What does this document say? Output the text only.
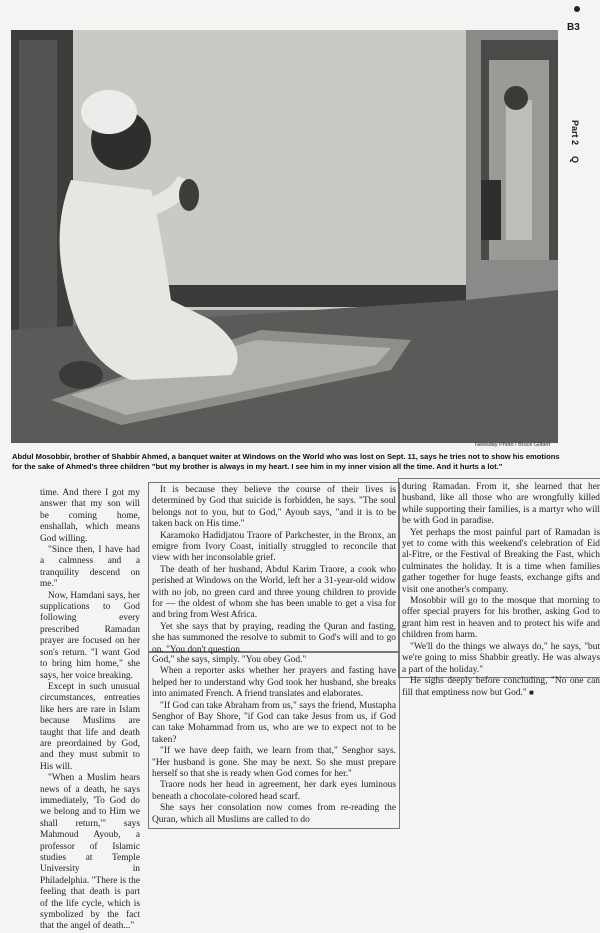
B3
Part 2
Q
Newsday Photo / Bruce Gilbert
Abdul Mosobbir, brother of Shabbir Ahmed, a banquet waiter at Windows on the World who was lost on Sept. 11, says he tries not to show his emotions for the sake of Ahmed's three children "but my brother is always in my heart. I see him in my inner vision all the time. And it hurts a lot."

time. And there I got my answer that my son will be coming home, enshallah, which means God willing.

"Since then, I have had a calmness and a tranquility descend on me."

Now, Hamdani says, her supplications to God following every prescribed Ramadan prayer are focused on her son's return. "I want God to bring him home," she says, her voice breaking.

Except in such unusual circumstances, entreaties like hers are rare in Islam because Muslims are taught that life and death are preordained by God, and they must submit to His will.

"When a Muslim hears news of a death, he says immediately, 'To God do we belong and to Him we shall return,'" says Mahmoud Ayoub, a professor of Islamic studies at Temple University in Philadelphia. "There is the feeling that death is part of the life cycle, which is symbolized by the fact that the angel of death..."

It is because they believe the course of their lives is determined by God that suicide is forbidden, he says. "The soul belongs not to you, but to God," Ayoub says, "and it is to be taken back on His time."

Karamoko Hadidjatou Traore of Parkchester, in the Bronx, an emigre from Ivory Coast, initially struggled to reconcile that view with her inconsolable grief.

The death of her husband, Abdul Karim Traore, a cook who perished at Windows on the World, left her a 31-year-old widow with no job, no green card and three young children to provide for — the oldest of whom she has been unable to get a visa for and bring from West Africa.

Yet she says that by praying, reading the Quran and fasting, she has summoned the resolve to submit to God's will and to go on. "You don't question

during Ramadan. From it, she learned that her husband, like all those who are wrongfully killed while supporting their families, is a martyr who will be with God in paradise.

Yet perhaps the most painful part of Ramadan is yet to come with this weekend's celebration of Eid al-Fitre, or the Festival of Breaking the Fast, which culminates the holiday. It is a time when families gather together for huge feasts, exchange gifts and visit one another's company.

Mosobbir will go to the mosque that morning to offer special prayers for his brother, asking God to grant him rest in heaven and to protect his wife and children from harm.

"We'll do the things we always do," he says, "but we're going to miss Shabbir greatly. He was always a part of the holiday."

He sighs deeply before concluding, "No one can fill that emptiness now but God." ■

God," she says, simply. "You obey God."

When a reporter asks whether her prayers and fasting have helped her to understand why God took her husband, she breaks into animated French. A friend translates and elaborates.

"If God can take Abraham from us," says the friend, Mustapha Senghor of Bay Shore, "if God can take Jesus from us, if God can take Mohammad from us, who are we to expect not to be taken?

"If we have deep faith, we learn from that," Senghor says. "Her husband is gone. She may be next. So she must prepare herself so that she is ready when God comes for her."

Traore nods her head in agreement, her dark eyes luminous beneath a chocolate-colored head scarf.

She says her consolation now comes from re-reading the Quran, which all Muslims are called to do
